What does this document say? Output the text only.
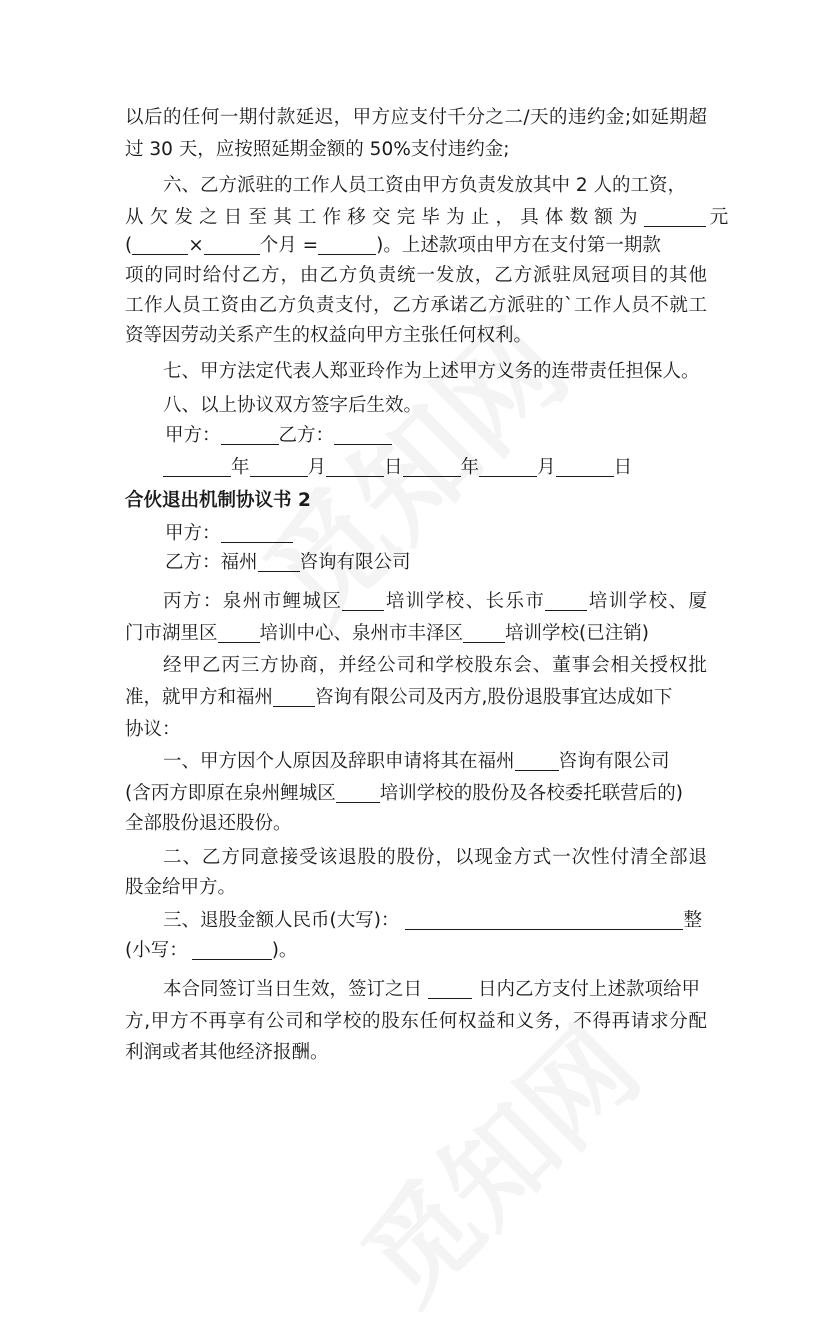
以后的任何一期付款延迟，甲方应支付千分之二/天的违约金;如延期超
过 30 天，应按照延期金额的 50%支付违约金;
六、乙方派驻的工作人员工资由甲方负责发放其中 2 人的工资，
从欠发之日至其工作移交完毕为止，具体数额为	元
(	×	个月 =	)。上述款项由甲方在支付第一期款
项的同时给付乙方，由乙方负责统一发放，乙方派驻凤冠项目的其他
工作人员工资由乙方负责支付，乙方承诺乙方派驻的`工作人员不就工
资等因劳动关系产生的权益向甲方主张任何权利。
七、甲方法定代表人郑亚玲作为上述甲方义务的连带责任担保人。
八、以上协议双方签字后生效。
甲方：	乙方：
年	月	日	年	月	日
合伙退出机制协议书 2
甲方：
乙方：福州 咨询有限公司
丙方：泉州市鲤城区 培训学校、长乐市 培训学校、厦
门市湖里区 培训中心、泉州市丰泽区 培训学校(已注销)
经甲乙丙三方协商，并经公司和学校股东会、董事会相关授权批
准，就甲方和福州 咨询有限公司及丙方,股份退股事宜达成如下
协议：
一、甲方因个人原因及辞职申请将其在福州 咨询有限公司
(含丙方即原在泉州鲤城区 培训学校的股份及各校委托联营后的)
全部股份退还股份。
二、乙方同意接受该退股的股份，以现金方式一次性付清全部退
股金给甲方。
三、退股金额人民币(大写)：	整
(小写：	)。
本合同签订当日生效，签订之日	日内乙方支付上述款项给甲
方,甲方不再享有公司和学校的股东任何权益和义务，不得再请求分配
利润或者其他经济报酬。
